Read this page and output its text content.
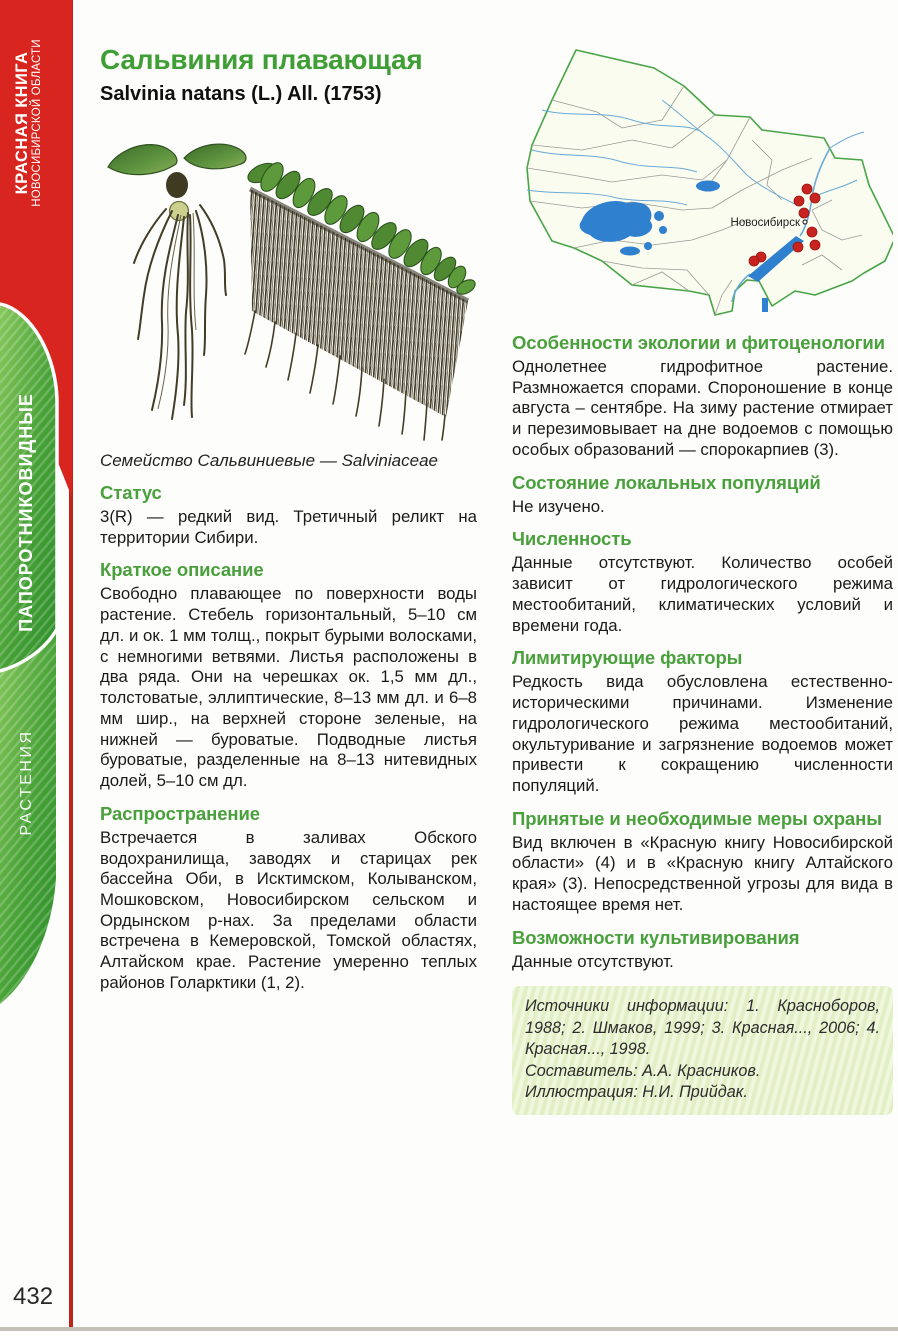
КРАСНАЯ КНИГА НОВОСИБИРСКОЙ ОБЛАСТИ
ПАПОРОТНИКОВИДНЫЕ
РАСТЕНИЯ
432
Сальвиния плавающая
Salvinia natans (L.) All. (1753)
Семейство Сальвиниевые — Salviniaceae
Статус

3(R) — редкий вид. Третичный реликт на территории Сибири.

Краткое описание

Свободно плавающее по поверхности воды растение. Стебель горизонтальный, 5–10 см дл. и ок. 1 мм толщ., покрыт бурыми волосками, с немногими ветвями. Листья расположены в два ряда. Они на черешках ок. 1,5 мм дл., толстоватые, эллиптические, 8–13 мм дл. и 6–8 мм шир., на верхней стороне зеленые, на нижней — буроватые. Подводные листья буроватые, разделенные на 8–13 нитевидных долей, 5–10 см дл.

Распространение

Встречается в заливах Обского водохранилища, заводях и старицах рек бассейна Оби, в Исктимском, Колыванском, Мошковском, Новосибирском сельском и Ордынском р-нах. За пределами области встречена в Кемеровской, Томской областях, Алтайском крае. Растение умеренно теплых районов Голарктики (1, 2).

Новосибирск
Особенности экологии и фитоценологии

Однолетнее гидрофитное растение. Размножается спорами. Спороношение в конце августа – сентябре. На зиму растение отмирает и перезимовывает на дне водоемов с помощью особых образований — спорокарпиев (3).

Состояние локальных популяций

Не изучено.

Численность

Данные отсутствуют. Количество особей зависит от гидрологического режима местообитаний, климатических условий и времени года.

Лимитирующие факторы

Редкость вида обусловлена естественно-историческими причинами. Изменение гидрологического режима местообитаний, окультуривание и загрязнение водоемов может привести к сокращению численности популяций.

Принятые и необходимые меры охраны

Вид включен в «Красную книгу Новосибирской области» (4) и в «Красную книгу Алтайского края» (3). Непосредственной угрозы для вида в настоящее время нет.

Возможности культивирования

Данные отсутствуют.

Источники информации: 1. Красноборов, 1988; 2. Шмаков, 1999; 3. Красная..., 2006; 4. Красная..., 1998.

Составитель: А.А. Красников.

Иллюстрация: Н.И. Прийдак.
